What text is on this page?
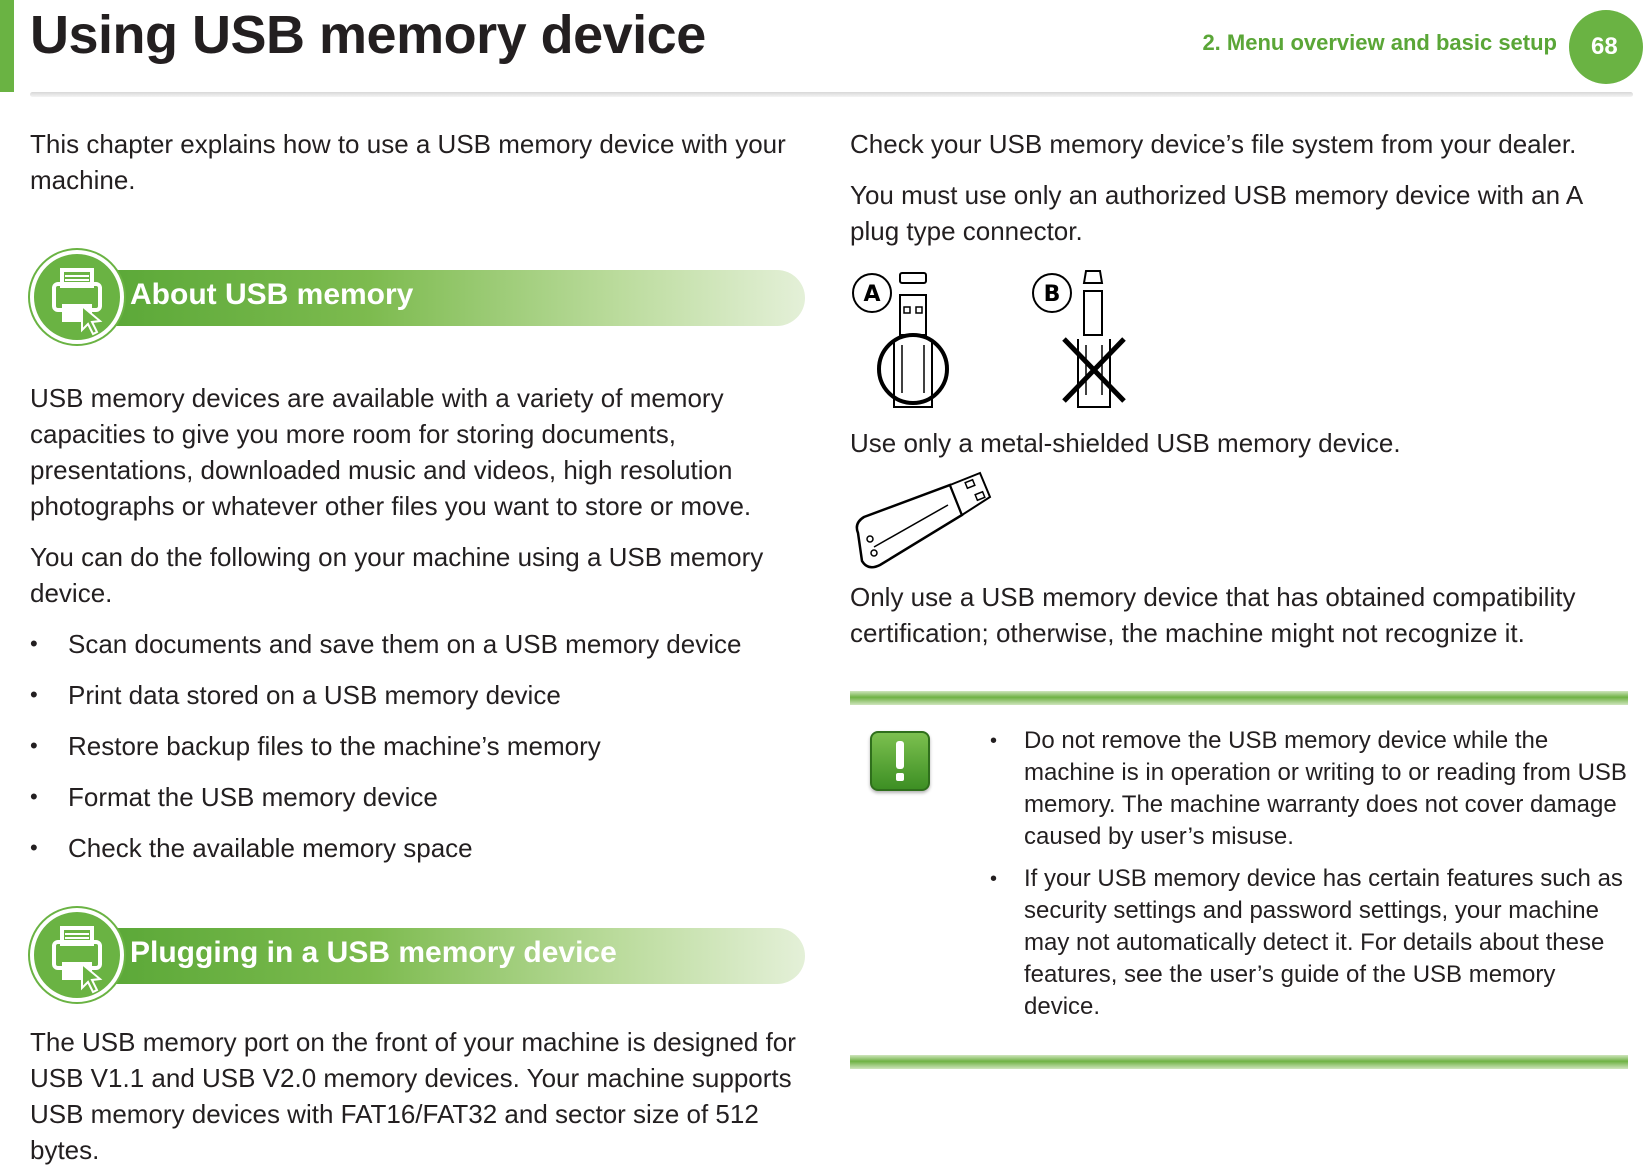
Using USB memory device	2. Menu overview and basic setup	68

This chapter explains how to use a USB memory device with your machine.

About USB memory

USB memory devices are available with a variety of memory capacities to give you more room for storing documents, presentations, downloaded music and videos, high resolution photographs or whatever other files you want to store or move.

You can do the following on your machine using a USB memory device.

• Scan documents and save them on a USB memory device
• Print data stored on a USB memory device
• Restore backup files to the machine’s memory
• Format the USB memory device
• Check the available memory space
Plugging in a USB memory device

The USB memory port on the front of your machine is designed for USB V1.1 and USB V2.0 memory devices. Your machine supports USB memory devices with FAT16/FAT32 and sector size of 512 bytes.

Check your USB memory device’s file system from your dealer.

You must use only an authorized USB memory device with an A plug type connector.

A	B

Use only a metal-shielded USB memory device.

Only use a USB memory device that has obtained compatibility certification; otherwise, the machine might not recognize it.

• Do not remove the USB memory device while the machine is in operation or writing to or reading from USB memory. The machine warranty does not cover damage caused by user’s misuse.
• If your USB memory device has certain features such as security settings and password settings, your machine may not automatically detect it. For details about these features, see the user’s guide of the USB memory device.
